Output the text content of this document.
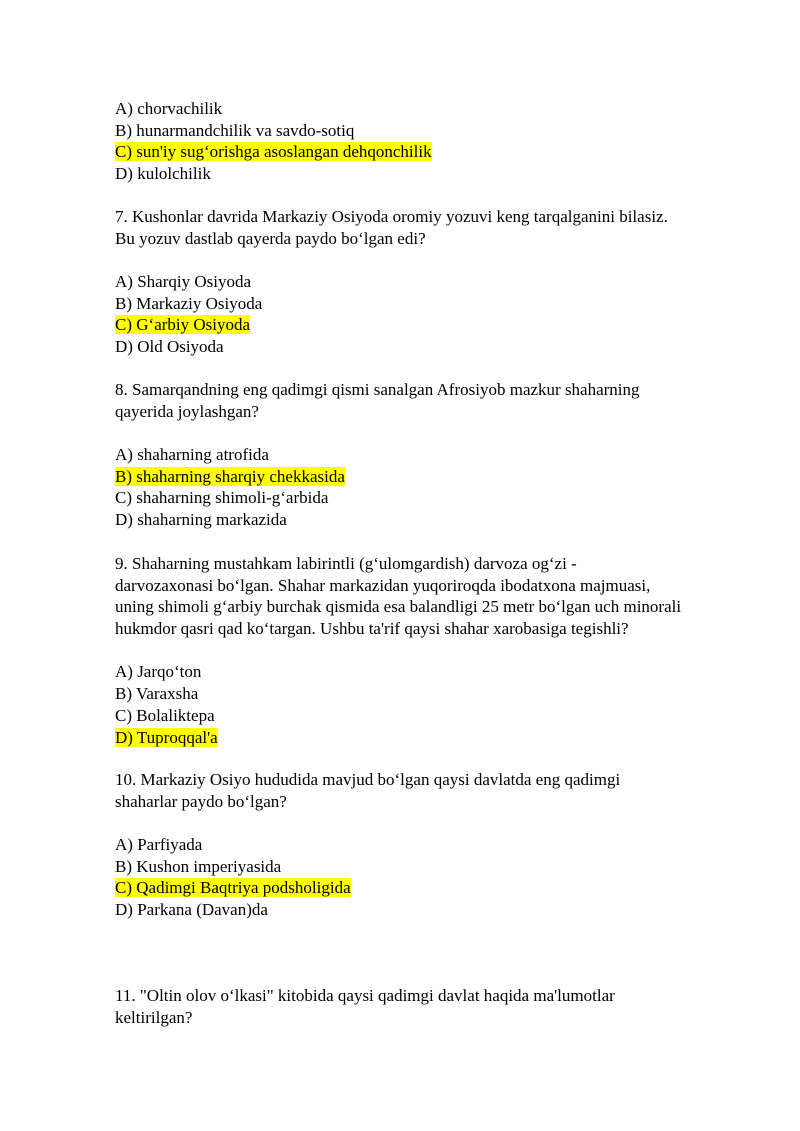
A) chorvachilik
B) hunarmandchilik va savdo-sotiq
C) sun'iy sug‘orishga asoslangan dehqonchilik
D) kulolchilik
7. Kushonlar davrida Markaziy Osiyoda oromiy yozuvi keng tarqalganini bilasiz.
Bu yozuv dastlab qayerda paydo bo‘lgan edi?
A) Sharqiy Osiyoda
B) Markaziy Osiyoda
C) G‘arbiy Osiyoda
D) Old Osiyoda
8. Samarqandning eng qadimgi qismi sanalgan Afrosiyob mazkur shaharning
qayerida joylashgan?
A) shaharning atrofida
B) shaharning sharqiy chekkasida
C) shaharning shimoli-g‘arbida
D) shaharning markazida
9. Shaharning mustahkam labirintli (g‘ulomgardish) darvoza og‘zi -
darvozaxonasi bo‘lgan. Shahar markazidan yuqoriroqda ibodatxona majmuasi,
uning shimoli g‘arbiy burchak qismida esa balandligi 25 metr bo‘lgan uch minorali
hukmdor qasri qad ko‘targan. Ushbu ta'rif qaysi shahar xarobasiga tegishli?
A) Jarqo‘ton
B) Varaxsha
C) Bolaliktepa
D) Tuproqqal'a
10. Markaziy Osiyo hududida mavjud bo‘lgan qaysi davlatda eng qadimgi
shaharlar paydo bo‘lgan?
A) Parfiyada
B) Kushon imperiyasida
C) Qadimgi Baqtriya podsholigida
D) Parkana (Davan)da
11. "Oltin olov o‘lkasi" kitobida qaysi qadimgi davlat haqida ma'lumotlar
keltirilgan?
